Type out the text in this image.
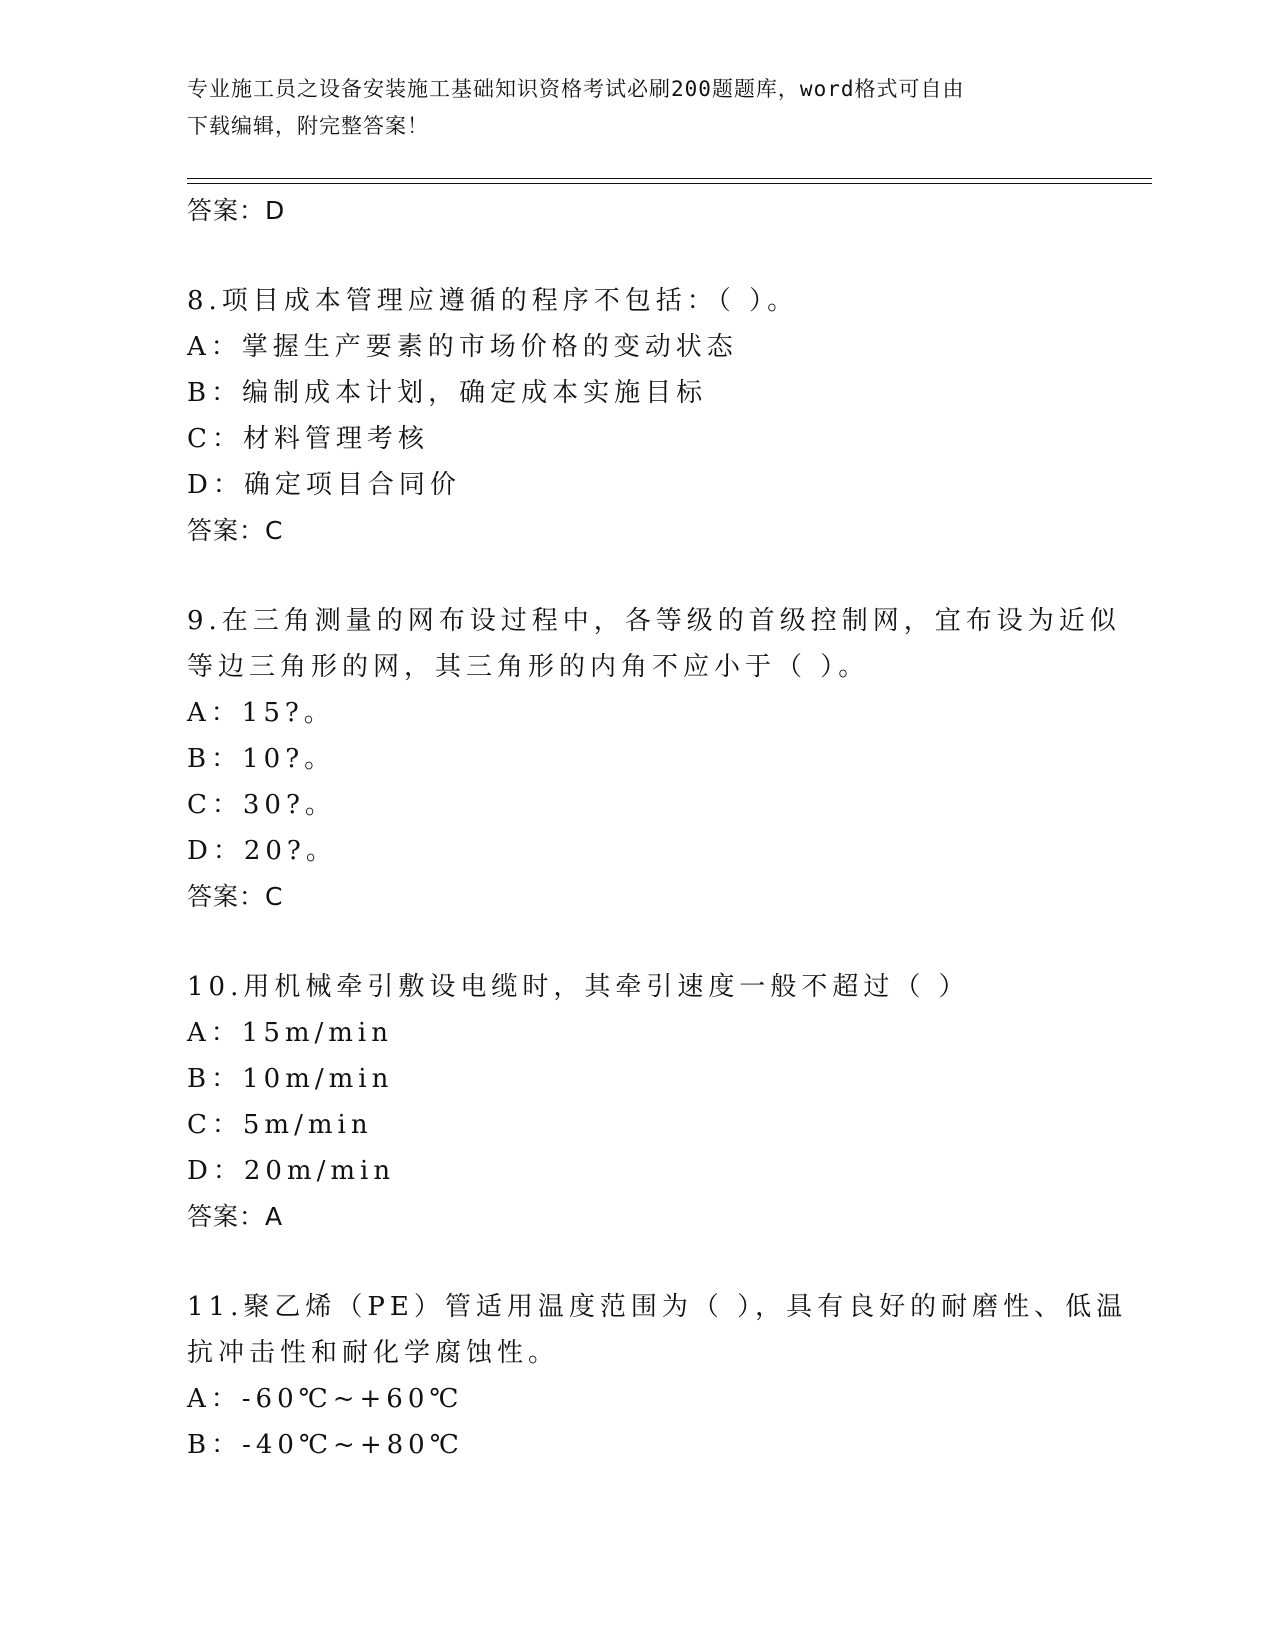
专业施工员之设备安装施工基础知识资格考试必刷200题题库，word格式可自由
下载编辑，附完整答案！
答案：D
8.项目成本管理应遵循的程序不包括：（ ）。
A：掌握生产要素的市场价格的变动状态
B：编制成本计划，确定成本实施目标
C：材料管理考核
D：确定项目合同价
答案：C
9.在三角测量的网布设过程中，各等级的首级控制网，宜布设为近似
等边三角形的网，其三角形的内角不应小于（ ）。
A：15?。
B：10?。
C：30?。
D：20?。
答案：C
10.用机械牵引敷设电缆时，其牵引速度一般不超过（ ）
A：15m/min
B：10m/min
C：5m/min
D：20m/min
答案：A
11.聚乙烯（PE）管适用温度范围为（ ），具有良好的耐磨性、低温
抗冲击性和耐化学腐蚀性。
A：-60℃~+60℃
B：-40℃~+80℃
